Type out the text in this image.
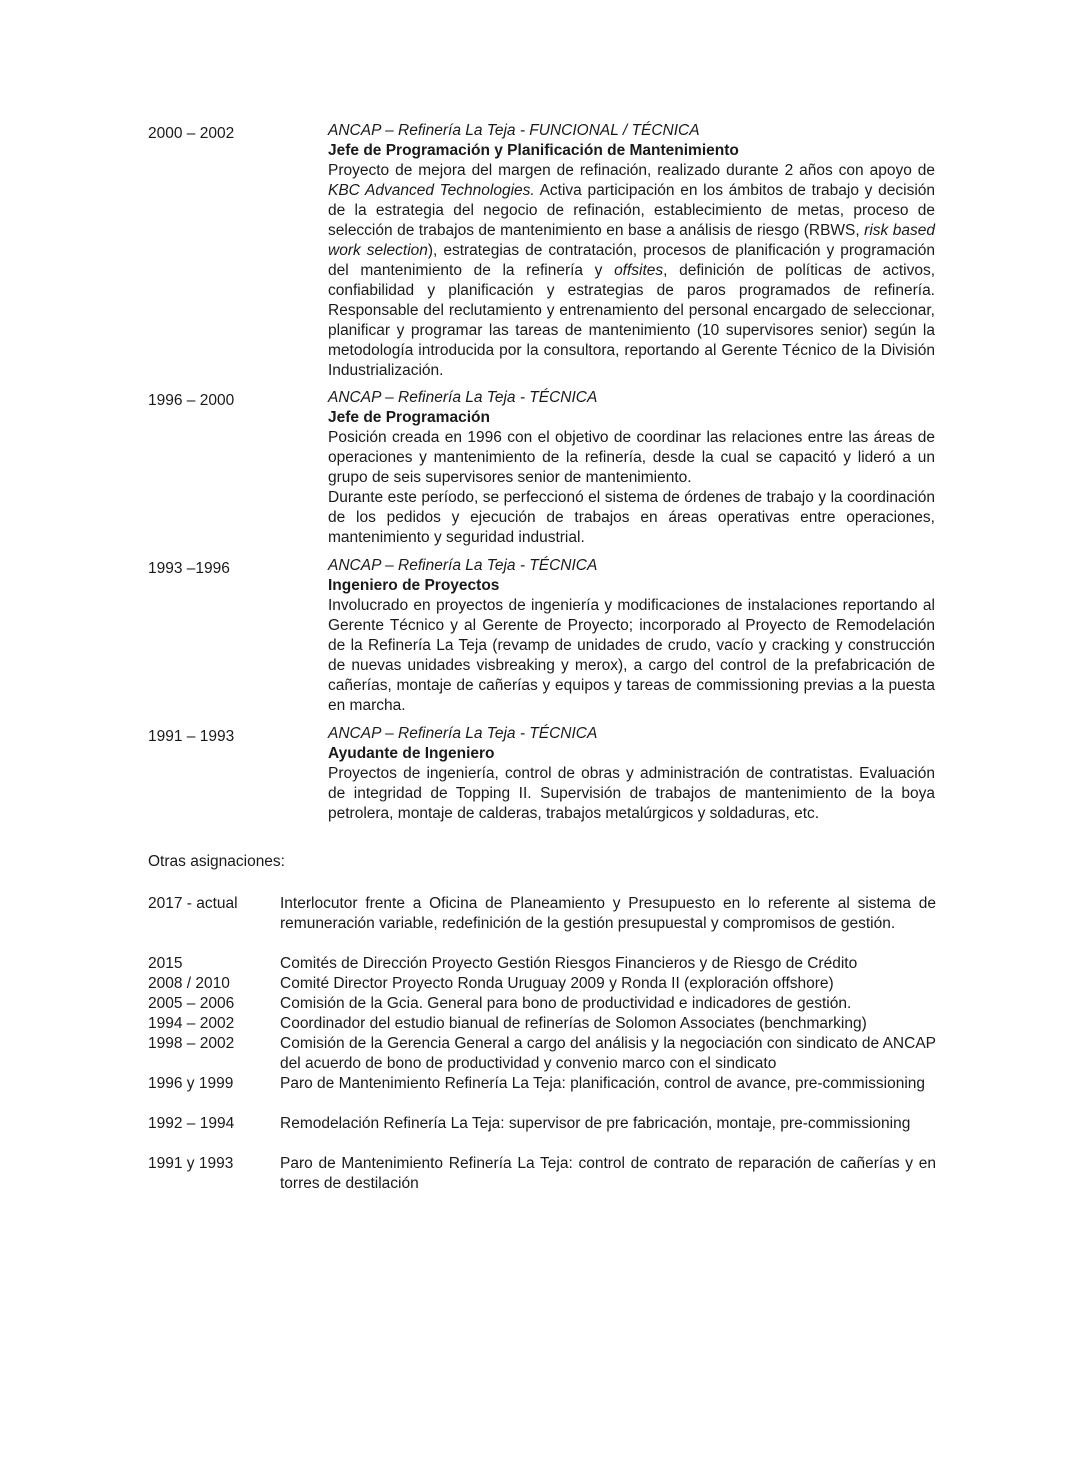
2000 – 2002	ANCAP – Refinería La Teja - FUNCIONAL / TÉCNICA
Jefe de Programación y Planificación de Mantenimiento

Proyecto de mejora del margen de refinación, realizado durante 2 años con apoyo de KBC Advanced Technologies. Activa participación en los ámbitos de trabajo y decisión de la estrategia del negocio de refinación, establecimiento de metas, proceso de selección de trabajos de mantenimiento en base a análisis de riesgo (RBWS, risk based work selection), estrategias de contratación, procesos de planificación y programación del mantenimiento de la refinería y offsites, definición de políticas de activos, confiabilidad y planificación y estrategias de paros programados de refinería. Responsable del reclutamiento y entrenamiento del personal encargado de seleccionar, planificar y programar las tareas de mantenimiento (10 supervisores senior) según la metodología introducida por la consultora, reportando al Gerente Técnico de la División Industrialización.

1996 – 2000	ANCAP – Refinería La Teja - TÉCNICA
Jefe de Programación

Posición creada en 1996 con el objetivo de coordinar las relaciones entre las áreas de operaciones y mantenimiento de la refinería, desde la cual se capacitó y lideró a un grupo de seis supervisores senior de mantenimiento.

Durante este período, se perfeccionó el sistema de órdenes de trabajo y la coordinación de los pedidos y ejecución de trabajos en áreas operativas entre operaciones, mantenimiento y seguridad industrial.

1993 –1996	ANCAP – Refinería La Teja - TÉCNICA
Ingeniero de Proyectos

Involucrado en proyectos de ingeniería y modificaciones de instalaciones reportando al Gerente Técnico y al Gerente de Proyecto; incorporado al Proyecto de Remodelación de la Refinería La Teja (revamp de unidades de crudo, vacío y cracking y construcción de nuevas unidades visbreaking y merox), a cargo del control de la prefabricación de cañerías, montaje de cañerías y equipos y tareas de commissioning previas a la puesta en marcha.

1991 – 1993	ANCAP – Refinería La Teja - TÉCNICA
Ayudante de Ingeniero

Proyectos de ingeniería, control de obras y administración de contratistas. Evaluación de integridad de Topping II. Supervisión de trabajos de mantenimiento de la boya petrolera, montaje de calderas, trabajos metalúrgicos y soldaduras, etc.

Otras asignaciones:
2017 - actual	Interlocutor frente a Oficina de Planeamiento y Presupuesto en lo referente al sistema de remuneración variable, redefinición de la gestión presupuestal y compromisos de gestión.
2015	Comités de Dirección Proyecto Gestión Riesgos Financieros y de Riesgo de Crédito
2008 / 2010	Comité Director Proyecto Ronda Uruguay 2009 y Ronda II (exploración offshore)
2005 – 2006	Comisión de la Gcia. General para bono de productividad e indicadores de gestión.
1994 – 2002	Coordinador del estudio bianual de refinerías de Solomon Associates (benchmarking)
1998 – 2002	Comisión de la Gerencia General a cargo del análisis y la negociación con sindicato de ANCAP del acuerdo de bono de productividad y convenio marco con el sindicato
1996 y 1999	Paro de Mantenimiento Refinería La Teja: planificación, control de avance, pre-commissioning
1992 – 1994	Remodelación Refinería La Teja: supervisor de pre fabricación, montaje, pre-commissioning
1991 y 1993	Paro de Mantenimiento Refinería La Teja: control de contrato de reparación de cañerías y en torres de destilación
